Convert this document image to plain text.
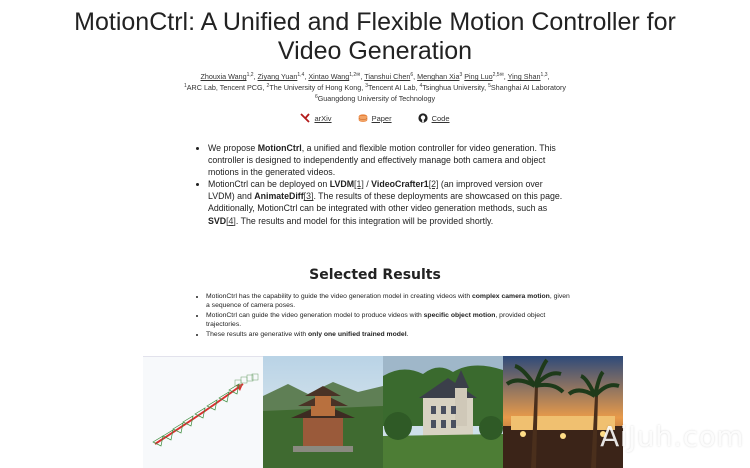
MotionCtrl: A Unified and Flexible Motion Controller for
Video Generation
Zhouxia Wang$^{1,2}$, Ziyang Yuan$^{1,4}$, Xintao Wang$^{1,2✉}$, Tianshui Chen$^6$, Menghan Xia$^3$ Ping Luo$^{2,5✉}$, Ying Shan$^{1,3}$,
$^1$ARC Lab, Tencent PCG, $^2$The University of Hong Kong, $^3$Tencent AI Lab, $^4$Tsinghua University, $^5$Shanghai AI Laboratory
$^6$Guangdong University of Technology
arXiv	Paper	Code
• We propose MotionCtrl, a unified and flexible motion controller for video generation. This controller is designed to independently and effectively manage both camera and object motions in the generated videos.
• MotionCtrl can be deployed on LVDM[1] / VideoCrafter1[2] (an improved version over LVDM) and AnimateDiff[3]. The results of these deployments are showcased on this page. Additionally, MotionCtrl can be integrated with other video generation methods, such as SVD[4]. The results and model for this integration will be provided shortly.
Selected Results
• MotionCtrl has the capability to guide the video generation model in creating videos with complex camera motion, given a sequence of camera poses.
• MotionCtrl can guide the video generation model to produce videos with specific object motion, provided object trajectories.
• These results are generative with only one unified trained model.
AiJuh.com
